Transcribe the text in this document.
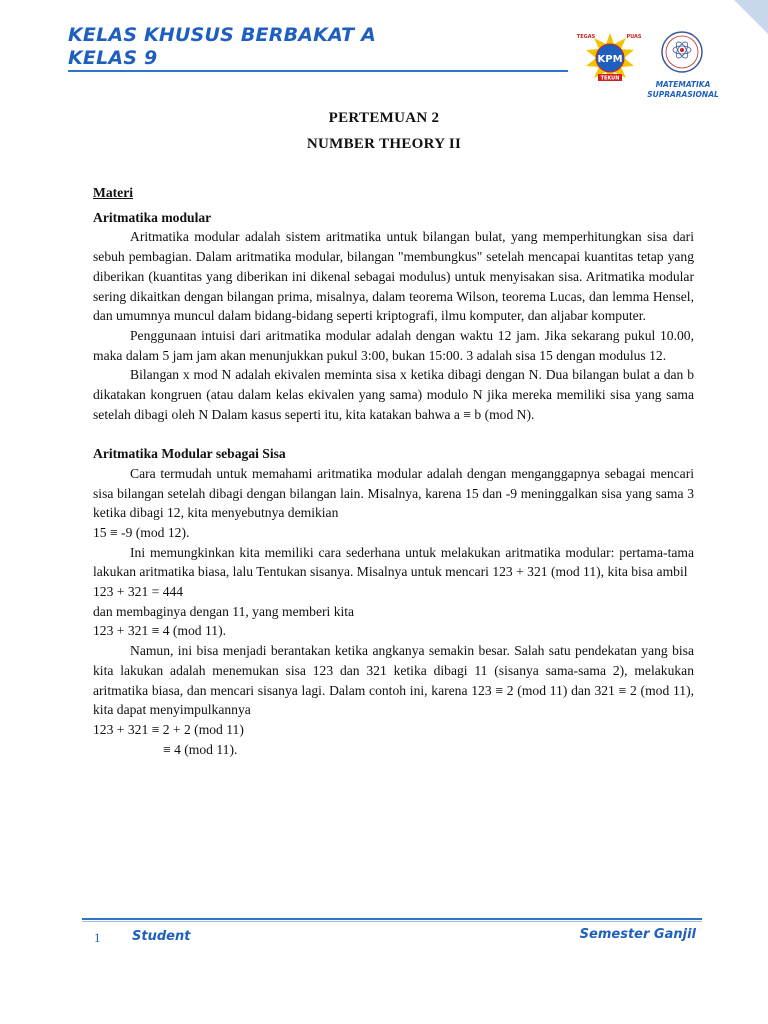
KELAS KHUSUS BERBAKAT A
KELAS 9	KPM
TEGAS	PUAS
TEKUN
MATEMATIKA
SUPRARASIONAL
PERTEMUAN 2
NUMBER THEORY II

Materi

Aritmatika modular

Aritmatika modular adalah sistem aritmatika untuk bilangan bulat, yang memperhitungkan sisa dari sebuh pembagian. Dalam aritmatika modular, bilangan "membungkus" setelah mencapai kuantitas tetap yang diberikan (kuantitas yang diberikan ini dikenal sebagai modulus) untuk menyisakan sisa. Aritmatika modular sering dikaitkan dengan bilangan prima, misalnya, dalam teorema Wilson, teorema Lucas, dan lemma Hensel, dan umumnya muncul dalam bidang-bidang seperti kriptografi, ilmu komputer, dan aljabar komputer.

Penggunaan intuisi dari aritmatika modular adalah dengan waktu 12 jam. Jika sekarang pukul 10.00, maka dalam 5 jam jam akan menunjukkan pukul 3:00, bukan 15:00. 3 adalah sisa 15 dengan modulus 12.

Bilangan x mod N adalah ekivalen meminta sisa x ketika dibagi dengan N. Dua bilangan bulat a dan b dikatakan kongruen (atau dalam kelas ekivalen yang sama) modulo N jika mereka memiliki sisa yang sama setelah dibagi oleh N Dalam kasus seperti itu, kita katakan bahwa a ≡ b (mod N).

Aritmatika Modular sebagai Sisa

Cara termudah untuk memahami aritmatika modular adalah dengan menganggapnya sebagai mencari sisa bilangan setelah dibagi dengan bilangan lain. Misalnya, karena 15 dan -9 meninggalkan sisa yang sama 3 ketika dibagi 12, kita menyebutnya demikian

15 ≡ -9 (mod 12).

Ini memungkinkan kita memiliki cara sederhana untuk melakukan aritmatika modular: pertama-tama lakukan aritmatika biasa, lalu Tentukan sisanya. Misalnya untuk mencari 123 + 321 (mod 11), kita bisa ambil

123 + 321 = 444

dan membaginya dengan 11, yang memberi kita

123 + 321 ≡ 4 (mod 11).

Namun, ini bisa menjadi berantakan ketika angkanya semakin besar. Salah satu pendekatan yang bisa kita lakukan adalah menemukan sisa 123 dan 321 ketika dibagi 11 (sisanya sama-sama 2), melakukan aritmatika biasa, dan mencari sisanya lagi. Dalam contoh ini, karena 123 ≡ 2 (mod 11) dan 321 ≡ 2 (mod 11), kita dapat menyimpulkannya

123 + 321 ≡ 2 + 2 (mod 11)

≡ 4 (mod 11).

1 Student	Semester Ganjil
